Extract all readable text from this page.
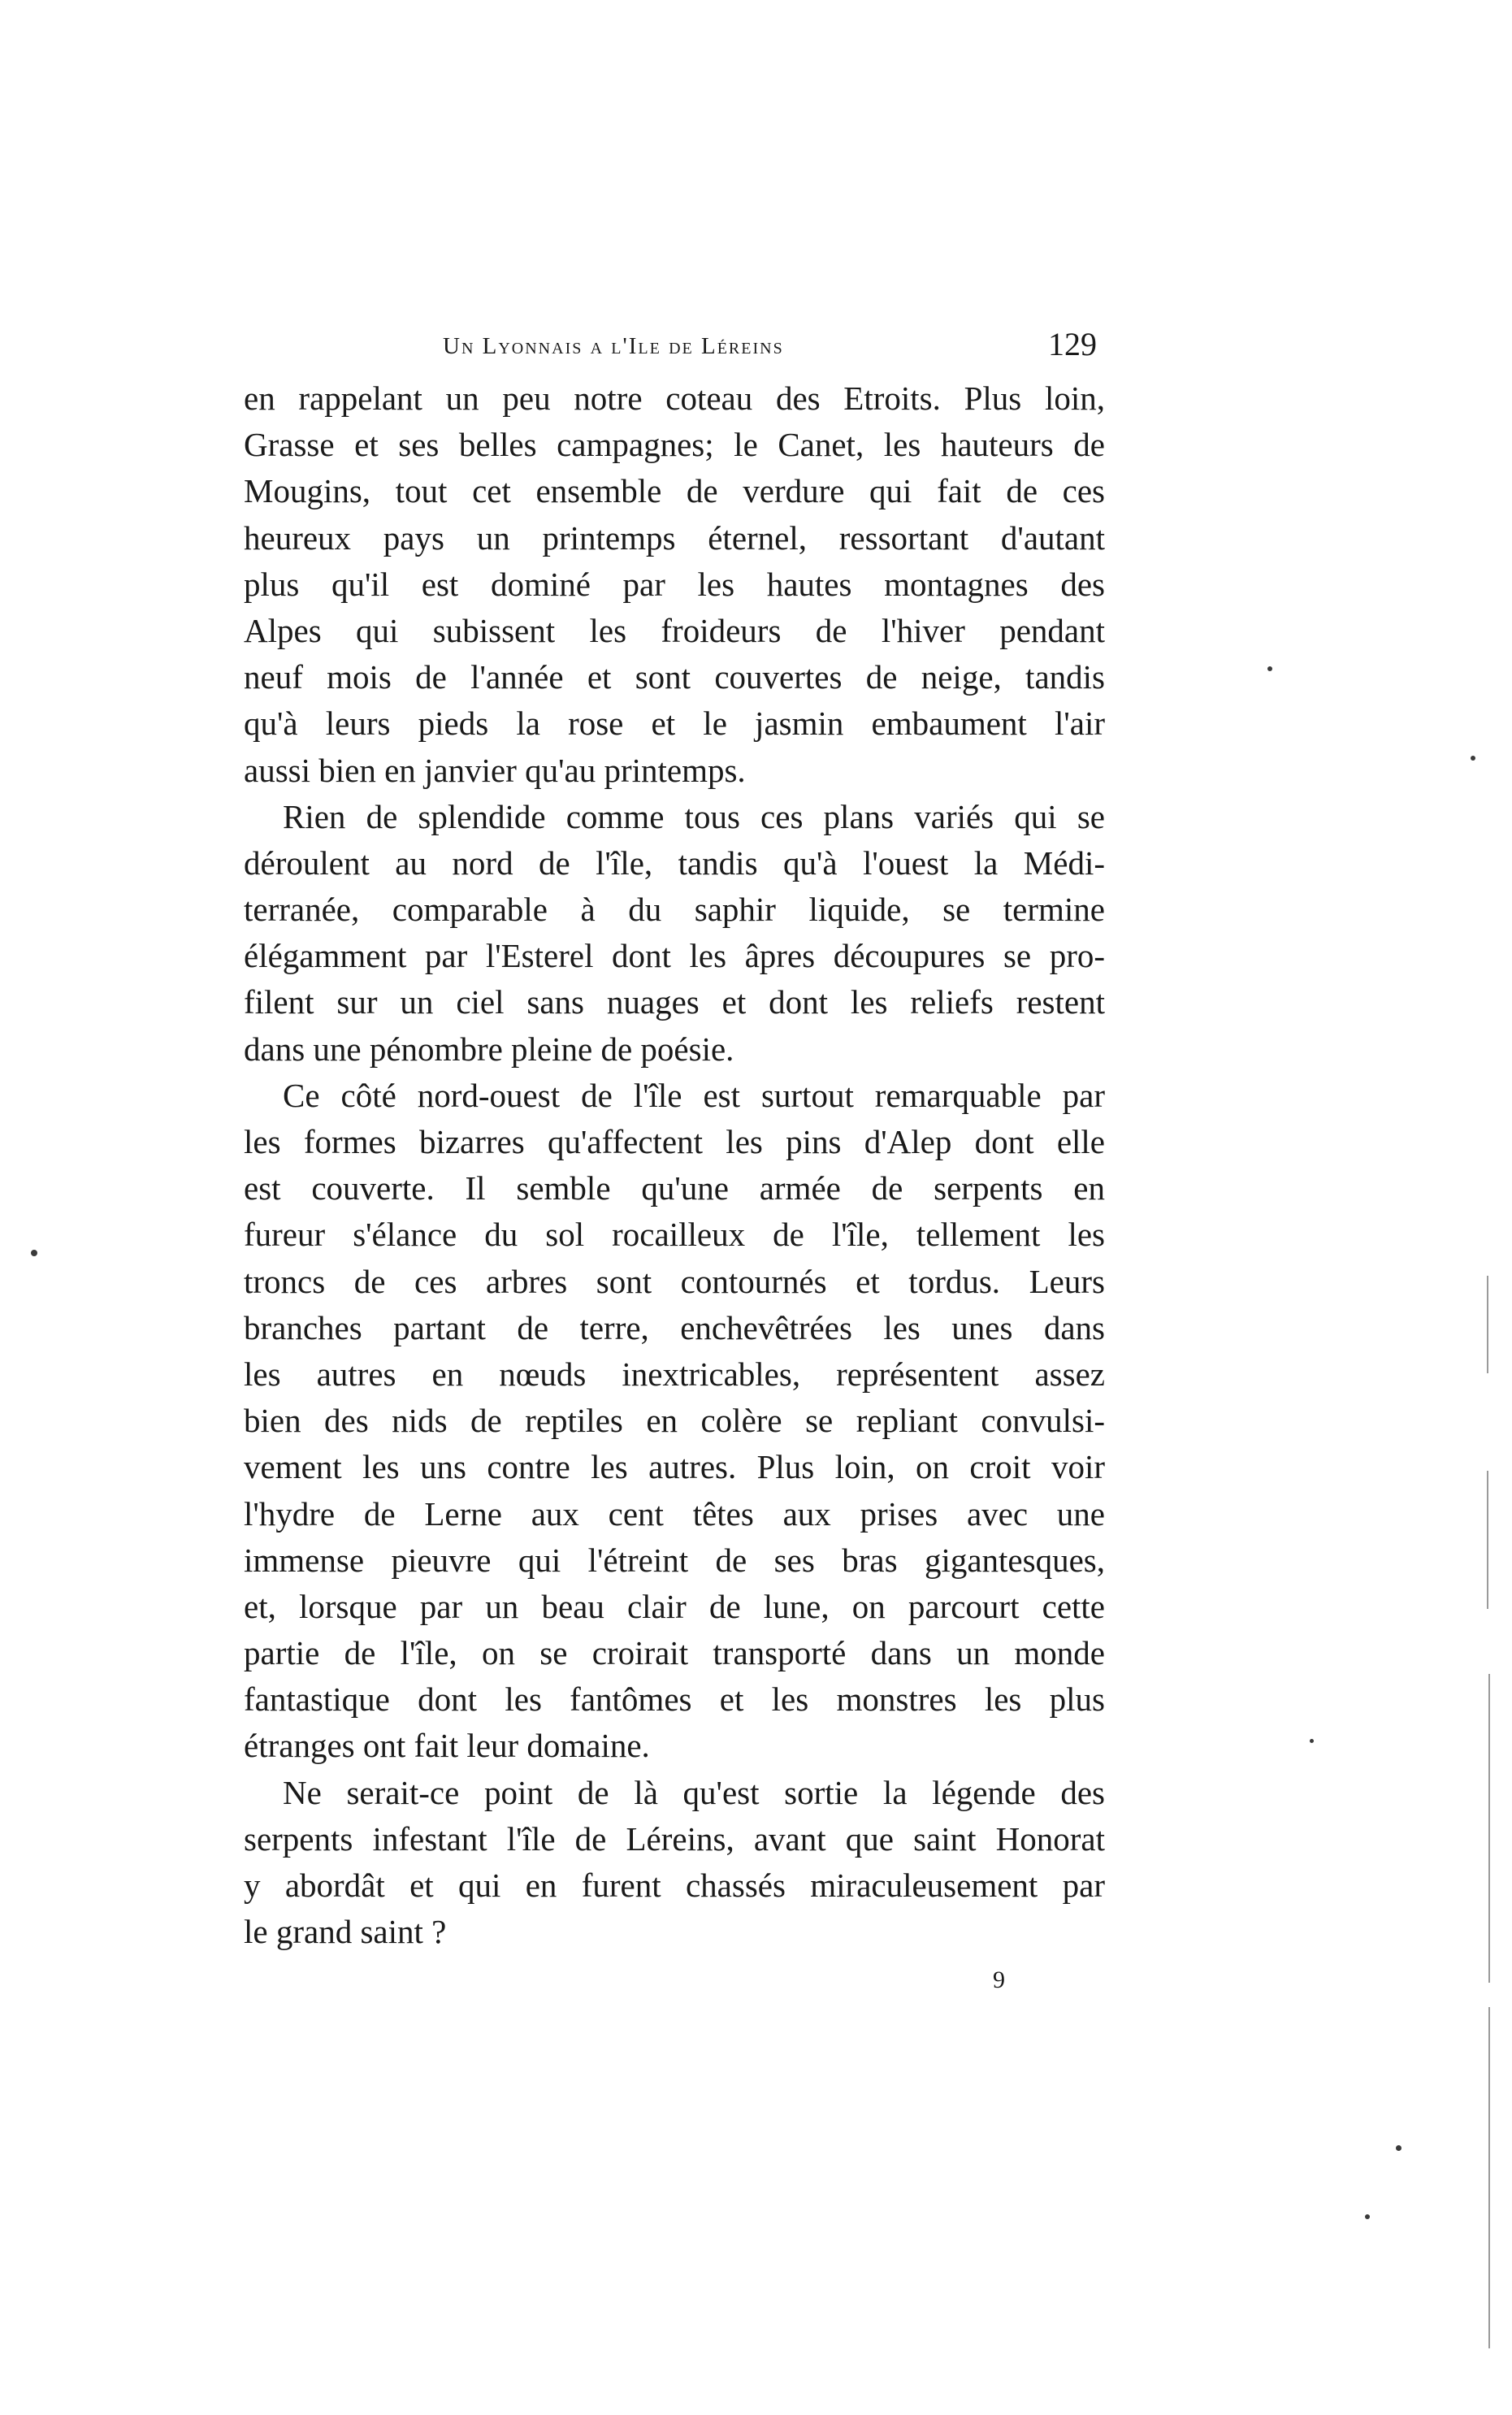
Un Lyonnais a l'Ile de Léreins	129
en rappelant un peu notre coteau des Etroits. Plus loin,
Grasse et ses belles campagnes; le Canet, les hauteurs de
Mougins, tout cet ensemble de verdure qui fait de ces
heureux pays un printemps éternel, ressortant d'autant
plus qu'il est dominé par les hautes montagnes des
Alpes qui subissent les froideurs de l'hiver pendant
neuf mois de l'année et sont couvertes de neige, tandis
qu'à leurs pieds la rose et le jasmin embaument l'air
aussi bien en janvier qu'au printemps.
Rien de splendide comme tous ces plans variés qui se
déroulent au nord de l'île, tandis qu'à l'ouest la Médi-
terranée, comparable à du saphir liquide, se termine
élégamment par l'Esterel dont les âpres découpures se pro-
filent sur un ciel sans nuages et dont les reliefs restent
dans une pénombre pleine de poésie.
Ce côté nord-ouest de l'île est surtout remarquable par
les formes bizarres qu'affectent les pins d'Alep dont elle
est couverte. Il semble qu'une armée de serpents en
fureur s'élance du sol rocailleux de l'île, tellement les
troncs de ces arbres sont contournés et tordus. Leurs
branches partant de terre, enchevêtrées les unes dans
les autres en nœuds inextricables, représentent assez
bien des nids de reptiles en colère se repliant convulsi-
vement les uns contre les autres. Plus loin, on croit voir
l'hydre de Lerne aux cent têtes aux prises avec une
immense pieuvre qui l'étreint de ses bras gigantesques,
et, lorsque par un beau clair de lune, on parcourt cette
partie de l'île, on se croirait transporté dans un monde
fantastique dont les fantômes et les monstres les plus
étranges ont fait leur domaine.
Ne serait-ce point de là qu'est sortie la légende des
serpents infestant l'île de Léreins, avant que saint Honorat
y abordât et qui en furent chassés miraculeusement par
le grand saint ?
9
